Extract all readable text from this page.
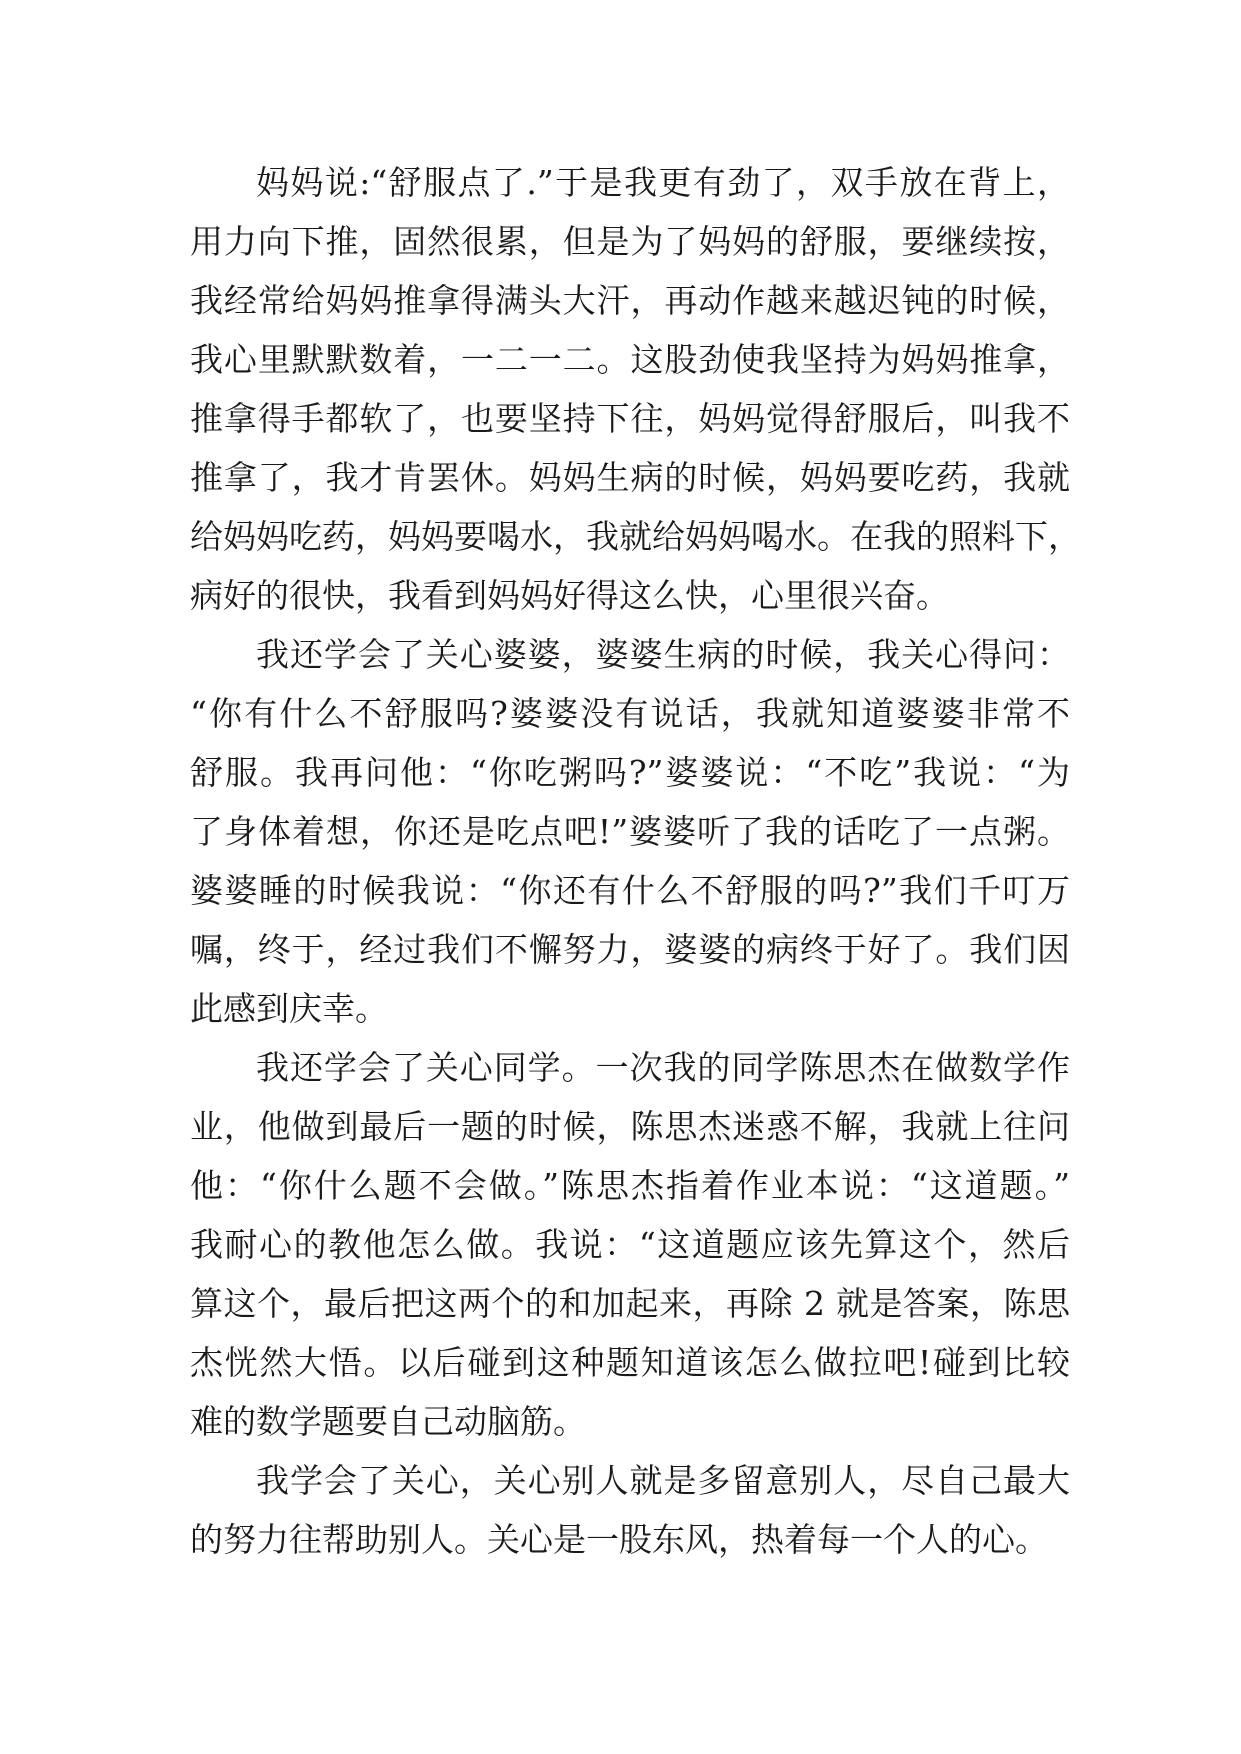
妈妈说:“舒服点了.”于是我更有劲了，双手放在背上，
用力向下推，固然很累，但是为了妈妈的舒服，要继续按，
我经常给妈妈推拿得满头大汗，再动作越来越迟钝的时候，
我心里默默数着，一二一二。这股劲使我坚持为妈妈推拿，
推拿得手都软了，也要坚持下往，妈妈觉得舒服后，叫我不
推拿了，我才肯罢休。妈妈生病的时候，妈妈要吃药，我就
给妈妈吃药，妈妈要喝水，我就给妈妈喝水。在我的照料下，
病好的很快，我看到妈妈好得这么快，心里很兴奋。
我还学会了关心婆婆，婆婆生病的时候，我关心得问：
“你有什么不舒服吗?婆婆没有说话，我就知道婆婆非常不
舒服。我再问他：“你吃粥吗?”婆婆说：“不吃”我说：“为
了身体着想，你还是吃点吧!”婆婆听了我的话吃了一点粥。
婆婆睡的时候我说：“你还有什么不舒服的吗?”我们千叮万
嘱，终于，经过我们不懈努力，婆婆的病终于好了。我们因
此感到庆幸。
我还学会了关心同学。一次我的同学陈思杰在做数学作
业，他做到最后一题的时候，陈思杰迷惑不解，我就上往问
他：“你什么题不会做。”陈思杰指着作业本说：“这道题。”
我耐心的教他怎么做。我说：“这道题应该先算这个，然后
算这个，最后把这两个的和加起来，再除 2 就是答案，陈思
杰恍然大悟。以后碰到这种题知道该怎么做拉吧!碰到比较
难的数学题要自己动脑筋。
我学会了关心，关心别人就是多留意别人，尽自己最大
的努力往帮助别人。关心是一股东风，热着每一个人的心。
